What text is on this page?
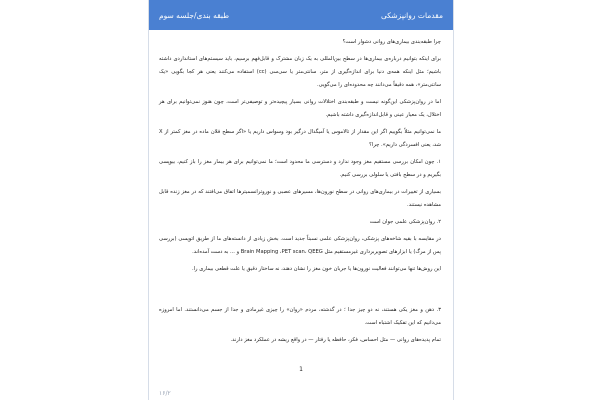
مقدمات روانپزشکی
طبقه بندی/جلسه سوم

چرا طبقه‌بندی بیماری‌های روانی دشوار است؟

برای اینکه بتوانیم درباره‌ی بیماری‌ها در سطح بین‌المللی به یک زبان مشترک و قابل‌فهم برسیم، باید سیستم‌های استانداردی داشته باشیم؛ مثل اینکه همه‌ی دنیا برای اندازه‌گیری از متر، سانتی‌متر یا سی‌سی (cc) استفاده می‌کنند یعنی هر کجا بگویی «یک سانتی‌متر»، همه دقیقاً می‌دانند چه محدوده‌ای را می‌گویی.

اما در روان‌پزشکی این‌گونه نیست و طبقه‌بندی اختلالات روانی بسیار پیچیده‌تر و توصیفی‌تر است، چون هنوز نمی‌توانیم برای هر اختلال، یک معیار عینی و قابل‌اندازه‌گیری داشته باشیم.

ما نمی‌توانیم مثلاً بگوییم اگر این مقدار از تالاموس یا آمیگدال درگیر بود وسواس داریم یا «اگر سطح فلان ماده در مغز کمتر از X شد، یعنی افسردگی داریم». چرا؟

۱. چون امکان بررسی مستقیم مغز وجود ندارد و دسترسی ما محدود است؛ ما نمی‌توانیم برای هر بیمار مغز را باز کنیم، بیوپسی بگیریم و در سطح بافتی یا سلولی بررسی کنیم.

بسیاری از تغییرات در بیماری‌های روانی در سطح نورون‌ها، مسیرهای عصبی و نوروترانسمیترها اتفاق می‌افتند که در مغز زنده قابل مشاهده نیستند.

۲. روان‌پزشکی علمی جوان است

در مقایسه با بقیه شاخه‌های پزشکی، روان‌پزشکی علمی نسبتاً جدید است. بخش زیادی از دانسته‌های ما از طریق اتوپسی (بررسی پس از مرگ) یا ابزارهای تصویربرداری غیرمستقیم مثل Brain Mapping ،PET scan، QEEG و ... به دست آمده‌اند.

این روش‌ها تنها می‌توانند فعالیت نورون‌ها یا جریان خون مغز را نشان دهند، نه ساختار دقیق یا علت قطعی بیماری را.

۳. ذهن و مغز یکی هستند، نه دو چیز جدا ؛ در گذشته، مردم «روان» را چیزی غیرمادی و جدا از جسم می‌دانستند. اما امروزه می‌دانیم که این تفکیک اشتباه است.

تمام پدیده‌های روانی — مثل احساس، فکر، حافظه یا رفتار — در واقع ریشه در عملکرد مغز دارند.

1
۱۶/۲
